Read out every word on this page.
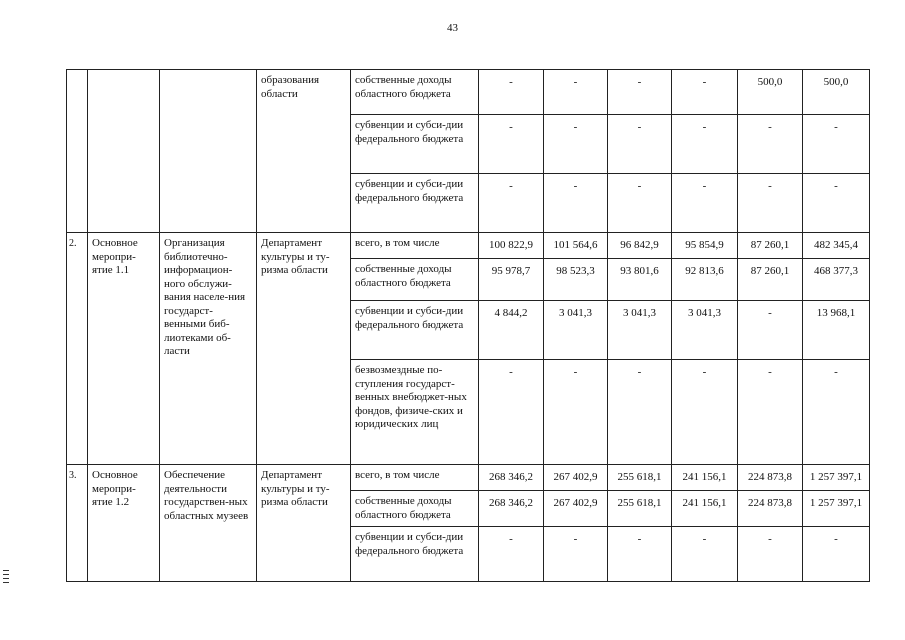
43
			образования области	собственные доходы областного бюджета	-	-	-	-	500,0	500,0
				субвенции и субси-дии федерального бюджета	-	-	-	-	-	-
				субвенции и субси-дии федерального бюджета	-	-	-	-	-	-
2.	Основное меропри-ятие 1.1	Организация библиотечно-информацион-ного обслужи-вания населе-ния государст-венными биб-лиотеками об-ласти	Департамент культуры и ту-ризма области	всего, в том числе	100 822,9	101 564,6	96 842,9	95 854,9	87 260,1	482 345,4
				собственные доходы областного бюджета	95 978,7	98 523,3	93 801,6	92 813,6	87 260,1	468 377,3
				субвенции и субси-дии федерального бюджета	4 844,2	3 041,3	3 041,3	3 041,3	-	13 968,1
				безвозмездные по-ступления государст-венных внебюджет-ных фондов, физиче-ских и юридических лиц	-	-	-	-	-	-
3.	Основное меропри-ятие 1.2	Обеспечение деятельности государствен-ных областных музеев	Департамент культуры и ту-ризма области	всего, в том числе	268 346,2	267 402,9	255 618,1	241 156,1	224 873,8	1 257 397,1
				собственные доходы областного бюджета	268 346,2	267 402,9	255 618,1	241 156,1	224 873,8	1 257 397,1
				субвенции и субси-дии федерального бюджета	-	-	-	-	-	-
